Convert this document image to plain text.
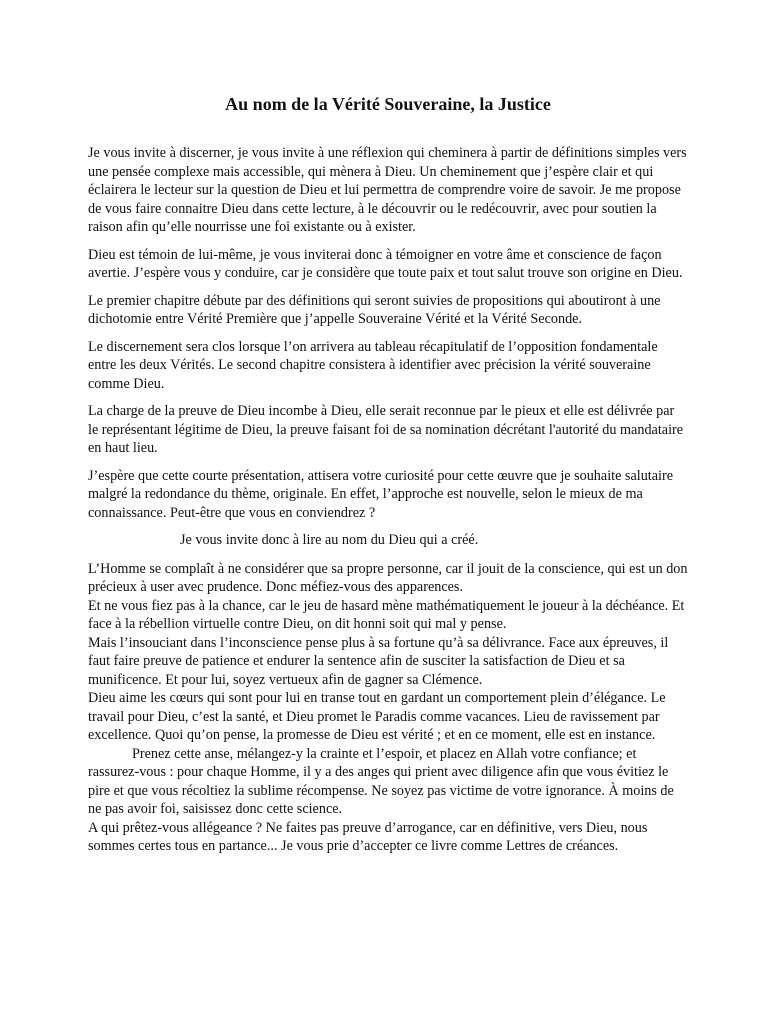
Au nom de la Vérité Souveraine, la Justice

Je vous invite à discerner, je vous invite à une réflexion qui cheminera à partir de définitions simples vers une pensée complexe mais accessible, qui mènera à Dieu. Un cheminement que j’espère clair et qui éclairera le lecteur sur la question de Dieu et lui permettra de comprendre voire de savoir. Je me propose de vous faire connaitre Dieu dans cette lecture, à le découvrir ou le redécouvrir, avec pour soutien la raison afin qu’elle nourrisse une foi existante ou à exister.

Dieu est témoin de lui-même, je vous inviterai donc à témoigner en votre âme et conscience de façon avertie. J’espère vous y conduire, car je considère que toute paix et tout salut trouve son origine en Dieu.

Le premier chapitre débute par des définitions qui seront suivies de propositions qui aboutiront à une dichotomie entre Vérité Première que j’appelle Souveraine Vérité et la Vérité Seconde.

Le discernement sera clos lorsque l’on arrivera au tableau récapitulatif de l’opposition fondamentale entre les deux Vérités. Le second chapitre consistera à identifier avec précision la vérité souveraine comme Dieu.

La charge de la preuve de Dieu incombe à Dieu, elle serait reconnue par le pieux et elle est délivrée par le représentant légitime de Dieu, la preuve faisant foi de sa nomination décrétant l'autorité du mandataire en haut lieu.

J’espère que cette courte présentation, attisera votre curiosité pour cette œuvre que je souhaite salutaire malgré la redondance du thème, originale. En effet, l’approche est nouvelle, selon le mieux de ma connaissance. Peut-être que vous en conviendrez ?

Je vous invite donc à lire au nom du Dieu qui a créé.

L’Homme se complaît à ne considérer que sa propre personne, car il jouit de la conscience, qui est un don précieux à user avec prudence. Donc méfiez-vous des apparences.
Et ne vous fiez pas à la chance, car le jeu de hasard mène mathématiquement le joueur à la déchéance. Et face à la rébellion virtuelle contre Dieu, on dit honni soit qui mal y pense.
Mais l’insouciant dans l’inconscience pense plus à sa fortune qu’à sa délivrance. Face aux épreuves, il faut faire preuve de patience et endurer la sentence afin de susciter la satisfaction de Dieu et sa munificence. Et pour lui, soyez vertueux afin de gagner sa Clémence.
Dieu aime les cœurs qui sont pour lui en transe tout en gardant un comportement plein d’élégance. Le travail pour Dieu, c’est la santé, et Dieu promet le Paradis comme vacances. Lieu de ravissement par excellence. Quoi qu’on pense, la promesse de Dieu est vérité ; et en ce moment, elle est en instance.
Prenez cette anse, mélangez-y la crainte et l’espoir, et placez en Allah votre confiance; et rassurez-vous : pour chaque Homme, il y a des anges qui prient avec diligence afin que vous évitiez le pire et que vous récoltiez la sublime récompense. Ne soyez pas victime de votre ignorance. À moins de ne pas avoir foi, saisissez donc cette science.
A qui prêtez-vous allégeance ? Ne faites pas preuve d’arrogance, car en définitive, vers Dieu, nous sommes certes tous en partance... Je vous prie d’accepter ce livre comme Lettres de créances.
